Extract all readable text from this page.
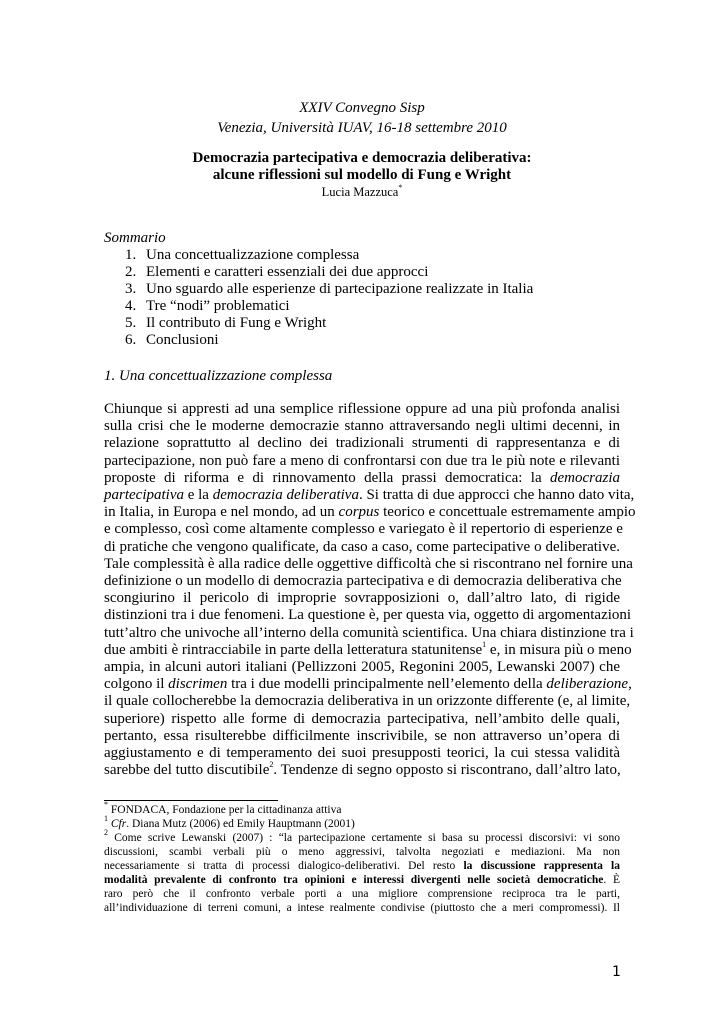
XXIV Convegno Sisp
Venezia, Università IUAV, 16-18 settembre 2010
Democrazia partecipativa e democrazia deliberativa:
alcune riflessioni sul modello di Fung e Wright
Lucia Mazzuca*
Sommario
1. Una concettualizzazione complessa
2. Elementi e caratteri essenziali dei due approcci
3. Uno sguardo alle esperienze di partecipazione realizzate in Italia
4. Tre “nodi” problematici
5. Il contributo di Fung e Wright
6. Conclusioni
1. Una concettualizzazione complessa
Chiunque si appresti ad una semplice riflessione oppure ad una più profonda analisi
sulla crisi che le moderne democrazie stanno attraversando negli ultimi decenni, in
relazione soprattutto al declino dei tradizionali strumenti di rappresentanza e di
partecipazione, non può fare a meno di confrontarsi con due tra le più note e rilevanti
proposte di riforma e di rinnovamento della prassi democratica: la democrazia
partecipativa e la democrazia deliberativa. Si tratta di due approcci che hanno dato vita,
in Italia, in Europa e nel mondo, ad un corpus teorico e concettuale estremamente ampio
e complesso, così come altamente complesso e variegato è il repertorio di esperienze e
di pratiche che vengono qualificate, da caso a caso, come partecipative o deliberative.
Tale complessità è alla radice delle oggettive difficoltà che si riscontrano nel fornire una
definizione o un modello di democrazia partecipativa e di democrazia deliberativa che
scongiurino il pericolo di improprie sovrapposizioni o, dall’altro lato, di rigide
distinzioni tra i due fenomeni. La questione è, per questa via, oggetto di argomentazioni
tutt’altro che univoche all’interno della comunità scientifica. Una chiara distinzione tra i
due ambiti è rintracciabile in parte della letteratura statunitense$^1$ e, in misura più o meno
ampia, in alcuni autori italiani (Pellizzoni 2005, Regonini 2005, Lewanski 2007) che
colgono il discrimen tra i due modelli principalmente nell’elemento della deliberazione,
il quale collocherebbe la democrazia deliberativa in un orizzonte differente (e, al limite,
superiore) rispetto alle forme di democrazia partecipativa, nell’ambito delle quali,
pertanto, essa risulterebbe difficilmente inscrivibile, se non attraverso un’opera di
aggiustamento e di temperamento dei suoi presupposti teorici, la cui stessa validità
sarebbe del tutto discutibile$^2$. Tendenze di segno opposto si riscontrano, dall’altro lato,
* FONDACA, Fondazione per la cittadinanza attiva
$^1$ Cfr. Diana Mutz (2006) ed Emily Hauptmann (2001)
$^2$ Come scrive Lewanski (2007) : “la partecipazione certamente si basa su processi discorsivi: vi sono
discussioni, scambi verbali più o meno aggressivi, talvolta negoziati e mediazioni. Ma non
necessariamente si tratta di processi dialogico-deliberativi. Del resto la discussione rappresenta la
modalità prevalente di confronto tra opinioni e interessi divergenti nelle società democratiche. È
raro però che il confronto verbale porti a una migliore comprensione reciproca tra le parti,
all’individuazione di terreni comuni, a intese realmente condivise (piuttosto che a meri compromessi). Il
1
